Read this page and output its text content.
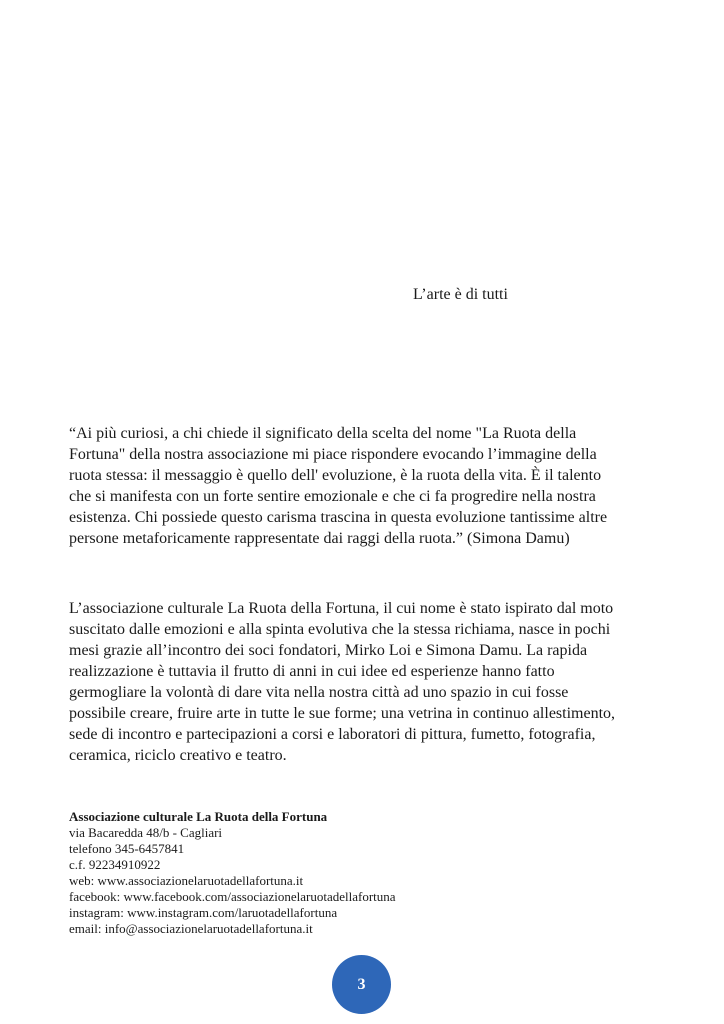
L’arte è di tutti

“Ai più curiosi, a chi chiede il significato della scelta del nome "La Ruota della
Fortuna" della nostra associazione mi piace rispondere evocando l’immagine della
ruota stessa: il messaggio è quello dell' evoluzione, è la ruota della vita. È il talento
che si manifesta con un forte sentire emozionale e che ci fa progredire nella nostra
esistenza. Chi possiede questo carisma trascina in questa evoluzione tantissime altre
persone metaforicamente rappresentate dai raggi della ruota.” (Simona Damu)

L’associazione culturale La Ruota della Fortuna, il cui nome è stato ispirato dal moto
suscitato dalle emozioni e alla spinta evolutiva che la stessa richiama, nasce in pochi
mesi grazie all’incontro dei soci fondatori, Mirko Loi e Simona Damu. La rapida
realizzazione è tuttavia il frutto di anni in cui idee ed esperienze hanno fatto
germogliare la volontà di dare vita nella nostra città ad uno spazio in cui fosse
possibile creare, fruire arte in tutte le sue forme; una vetrina in continuo allestimento,
sede di incontro e partecipazioni a corsi e laboratori di pittura, fumetto, fotografia,
ceramica, riciclo creativo e teatro.

Associazione culturale La Ruota della Fortuna
via Bacaredda 48/b - Cagliari
telefono 345-6457841
c.f. 92234910922
web: www.associazionelaruotadellafortuna.it
facebook: www.facebook.com/associazionelaruotadellafortuna
instagram: www.instagram.com/laruotadellafortuna
email: info@associazionelaruotadellafortuna.it
3
